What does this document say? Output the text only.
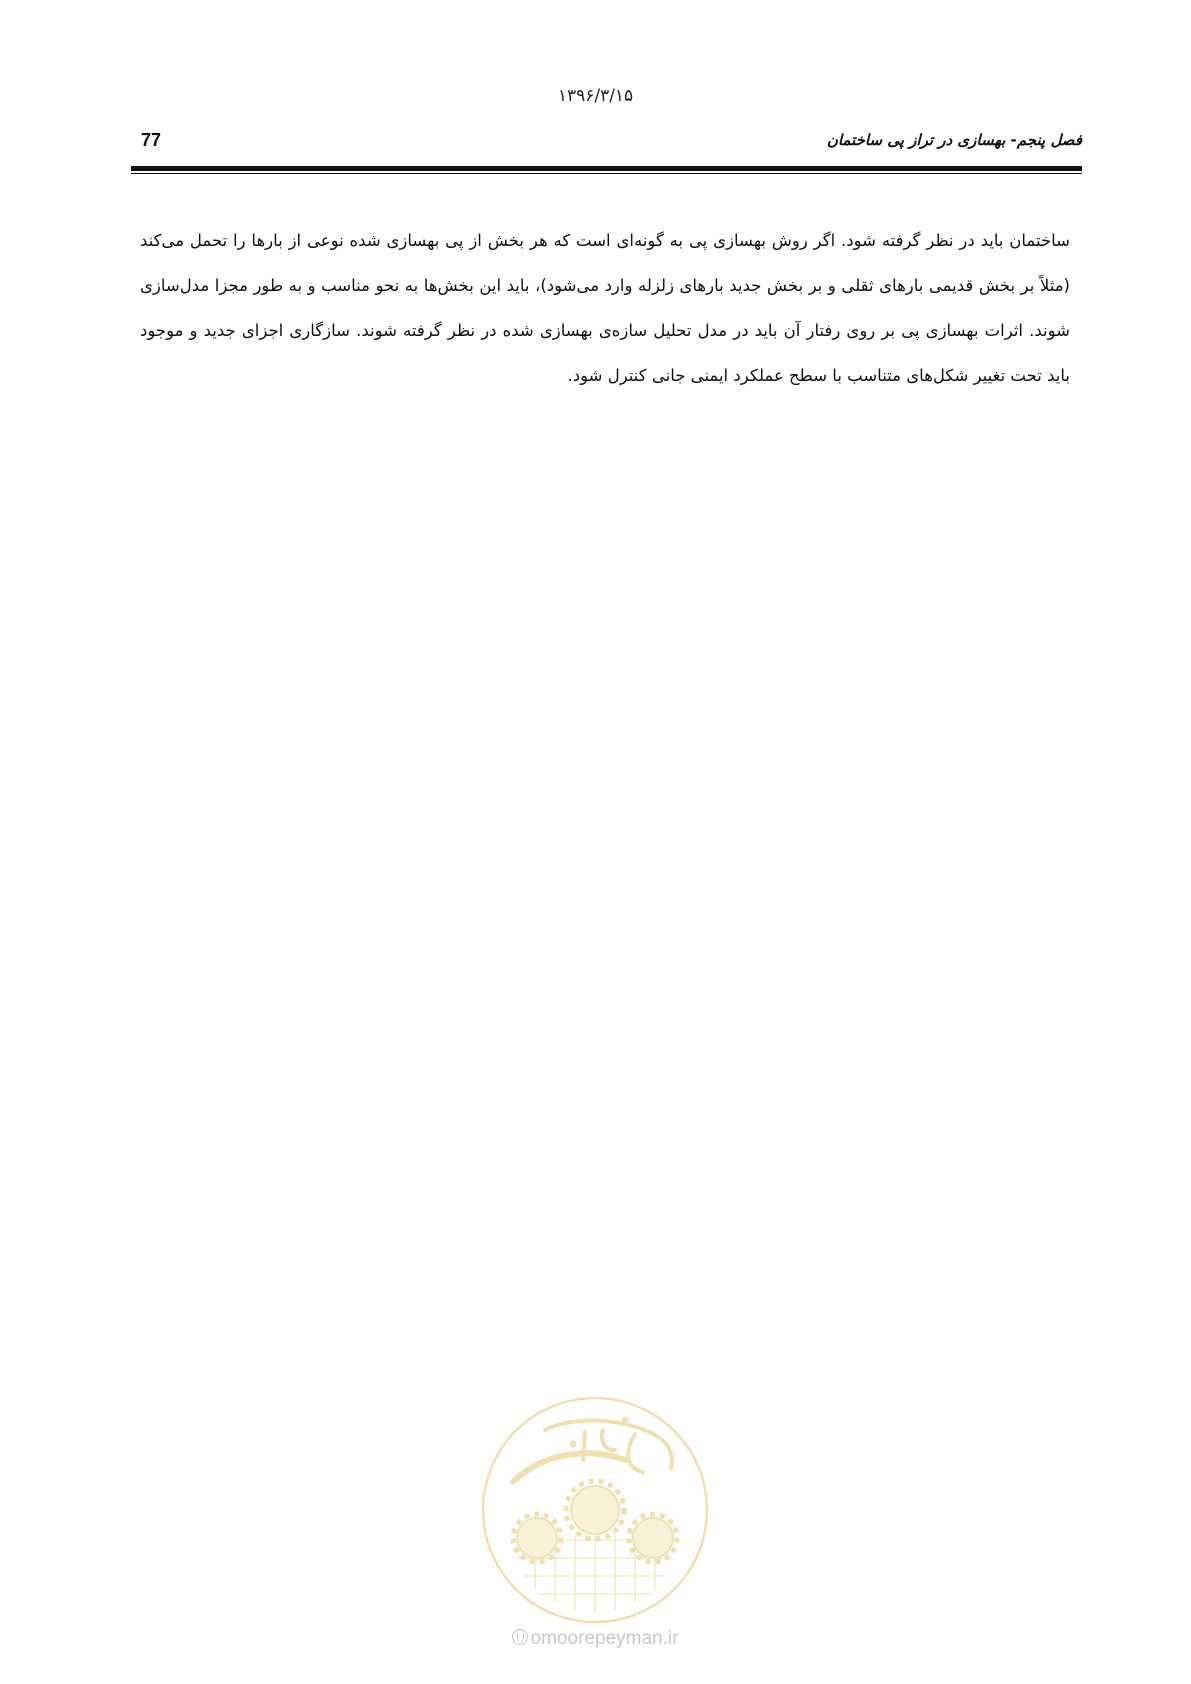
۱۳۹۶/۳/۱۵
77	فصل پنجم- بهسازی در تراز پی ساختمان

ساختمان باید در نظر گرفته شود. اگر روش بهسازی پی به گونه‌ای است که هر بخش از پی بهسازی شده نوعی از بارها را تحمل می‌کند (مثلاً بر بخش قدیمی بارهای ثقلی و بر بخش جدید بارهای زلزله وارد می‌شود)، باید این بخش‌ها به نحو مناسب و به طور مجزا مدل‌سازی شوند. اثرات بهسازی پی بر روی رفتار آن باید در مدل تحلیل سازه‌ی بهسازی شده در نظر گرفته شوند. سازگاری اجزای جدید و موجود باید تحت تغییر شکل‌های متناسب با سطح عملکرد ایمنی جانی کنترل شود.

omoorepeyman.ir
